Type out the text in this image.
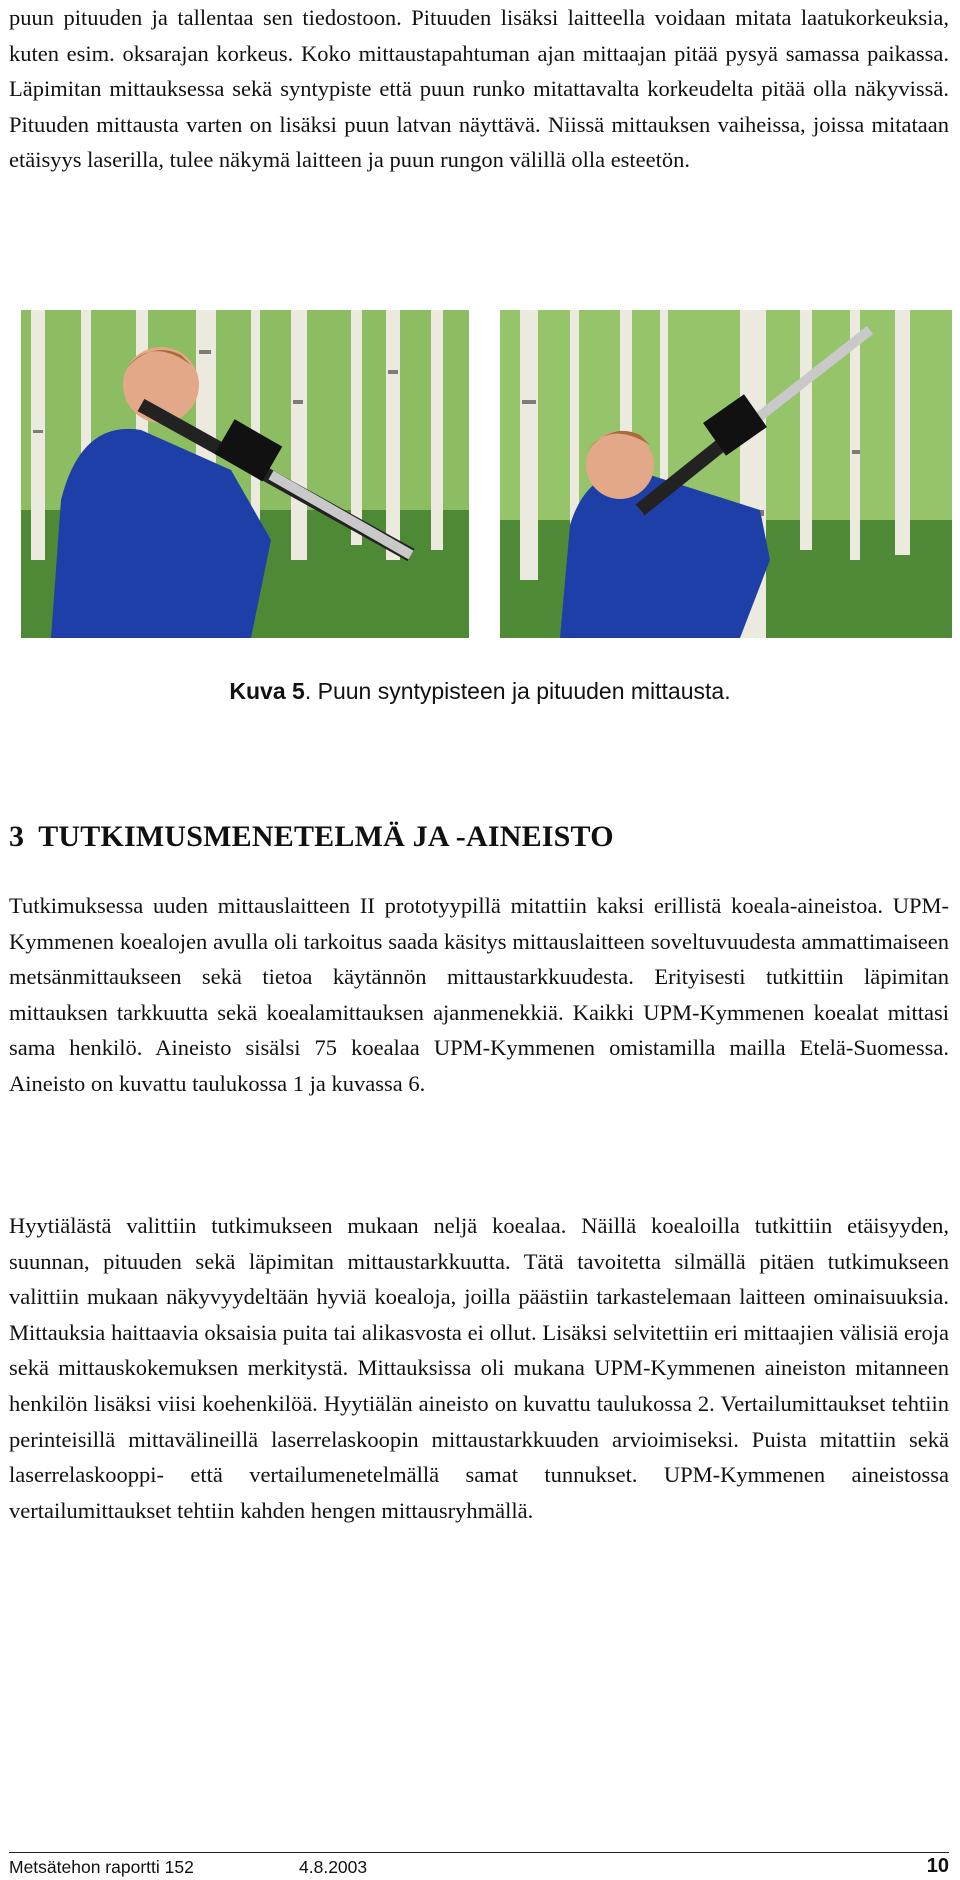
puun pituuden ja tallentaa sen tiedostoon. Pituuden lisäksi laitteella voidaan mitata laatukorkeuksia, kuten esim. oksarajan korkeus. Koko mittaustapahtuman ajan mittaajan pitää pysyä samassa paikassa. Läpimitan mittauksessa sekä syntypiste että puun runko mitattavalta korkeudelta pitää olla näkyvissä. Pituuden mittausta varten on lisäksi puun latvan näyttävä. Niissä mittauksen vaiheissa, joissa mitataan etäisyys laserilla, tulee näkymä laitteen ja puun rungon välillä olla esteetön.

Kuva 5. Puun syntypisteen ja pituuden mittausta.
3 TUTKIMUSMENETELMÄ JA -AINEISTO

Tutkimuksessa uuden mittauslaitteen II prototyypillä mitattiin kaksi erillistä koeala-aineistoa. UPM-Kymmenen koealojen avulla oli tarkoitus saada käsitys mittauslaitteen soveltuvuudesta ammattimaiseen metsänmittaukseen sekä tietoa käytännön mittaustarkkuudesta. Erityisesti tutkittiin läpimitan mittauksen tarkkuutta sekä koealamittauksen ajanmenekkiä. Kaikki UPM-Kymmenen koealat mittasi sama henkilö. Aineisto sisälsi 75 koealaa UPM-Kymmenen omistamilla mailla Etelä-Suomessa. Aineisto on kuvattu taulukossa 1 ja kuvassa 6.

Hyytiälästä valittiin tutkimukseen mukaan neljä koealaa. Näillä koealoilla tutkittiin etäisyyden, suunnan, pituuden sekä läpimitan mittaustarkkuutta. Tätä tavoitetta silmällä pitäen tutkimukseen valittiin mukaan näkyvyydeltään hyviä koealoja, joilla päästiin tarkastelemaan laitteen ominaisuuksia. Mittauksia haittaavia oksaisia puita tai alikasvosta ei ollut. Lisäksi selvitettiin eri mittaajien välisiä eroja sekä mittauskokemuksen merkitystä. Mittauksissa oli mukana UPM-Kymmenen aineiston mitanneen henkilön lisäksi viisi koehenkilöä. Hyytiälän aineisto on kuvattu taulukossa 2. Vertailumittaukset tehtiin perinteisillä mittavälineillä laserrelaskoopin mittaustarkkuuden arvioimiseksi. Puista mitattiin sekä laserrelaskooppi- että vertailumenetelmällä samat tunnukset. UPM-Kymmenen aineistossa vertailumittaukset tehtiin kahden hengen mittausryhmällä.

Metsätehon raportti 152	4.8.2003	10
